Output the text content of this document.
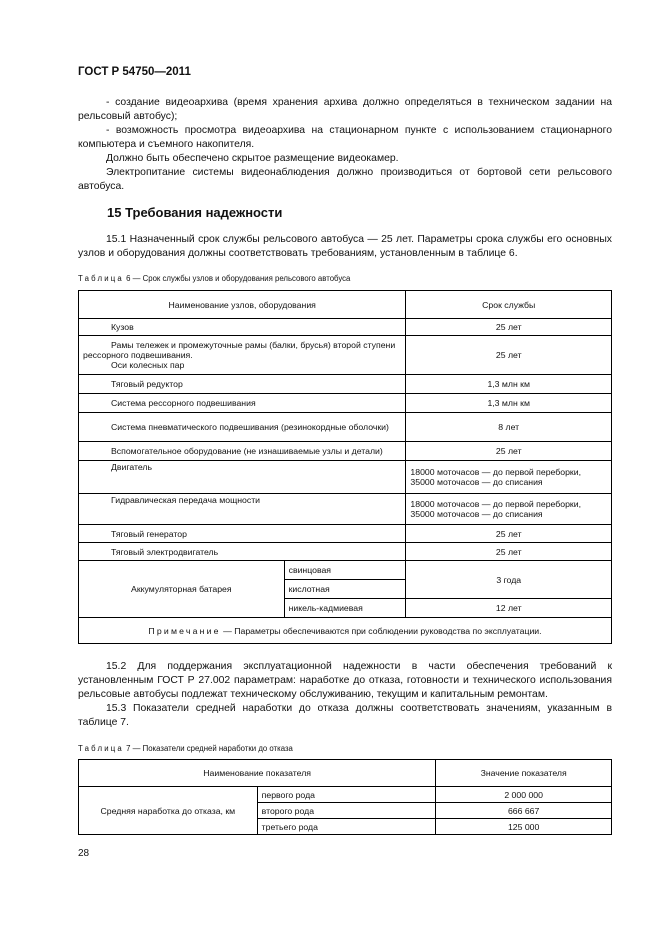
ГОСТ Р 54750—2011
- создание видеоархива (время хранения архива должно определяться в техническом задании на рельсовый автобус);
- возможность просмотра видеоархива на стационарном пункте с использованием стационарного компьютера и съемного накопителя.
Должно быть обеспечено скрытое размещение видеокамер.
Электропитание системы видеонаблюдения должно производиться от бортовой сети рельсового автобуса.
15 Требования надежности
15.1 Назначенный срок службы рельсового автобуса — 25 лет. Параметры срока службы его основных узлов и оборудования должны соответствовать требованиям, установленным в таблице 6.
Таблица 6 — Срок службы узлов и оборудования рельсового автобуса
Наименование узлов, оборудования		Срок службы
Кузов		25 лет

Рамы тележек и промежуточные рамы (балки, брусья) второй ступени рессорного подвешивания.
Оси колесных пар		25 лет
Тяговый редуктор		1,3 млн км
Система рессорного подвешивания		1,3 млн км
Система пневматического подвешивания (резинокордные оболочки)		8 лет
Вспомогательное оборудование (не изнашиваемые узлы и детали)		25 лет
Двигатель		18000 моточасов — до первой переборки,
35000 моточасов — до списания

Гидравлическая передача мощности		18000 моточасов — до первой переборки,
35000 моточасов — до списания

Тяговый генератор		25 лет
Тяговый электродвигатель		25 лет
Аккумуляторная батарея	свинцовая	3 года
	кислотная	
	никель-кадмиевая	12 лет
Примечание — Параметры обеспечиваются при соблюдении руководства по эксплуатации.		
15.2 Для поддержания эксплуатационной надежности в части обеспечения требований к установленным ГОСТ Р 27.002 параметрам: наработке до отказа, готовности и технического использования рельсовые автобусы подлежат техническому обслуживанию, текущим и капитальным ремонтам.
15.3 Показатели средней наработки до отказа должны соответствовать значениям, указанным в таблице 7.
Таблица 7 — Показатели средней наработки до отказа
Наименование показателя		Значение показателя
Средняя наработка до отказа, км	первого рода	2 000 000
	второго рода	666 667
	третьего рода	125 000
28
